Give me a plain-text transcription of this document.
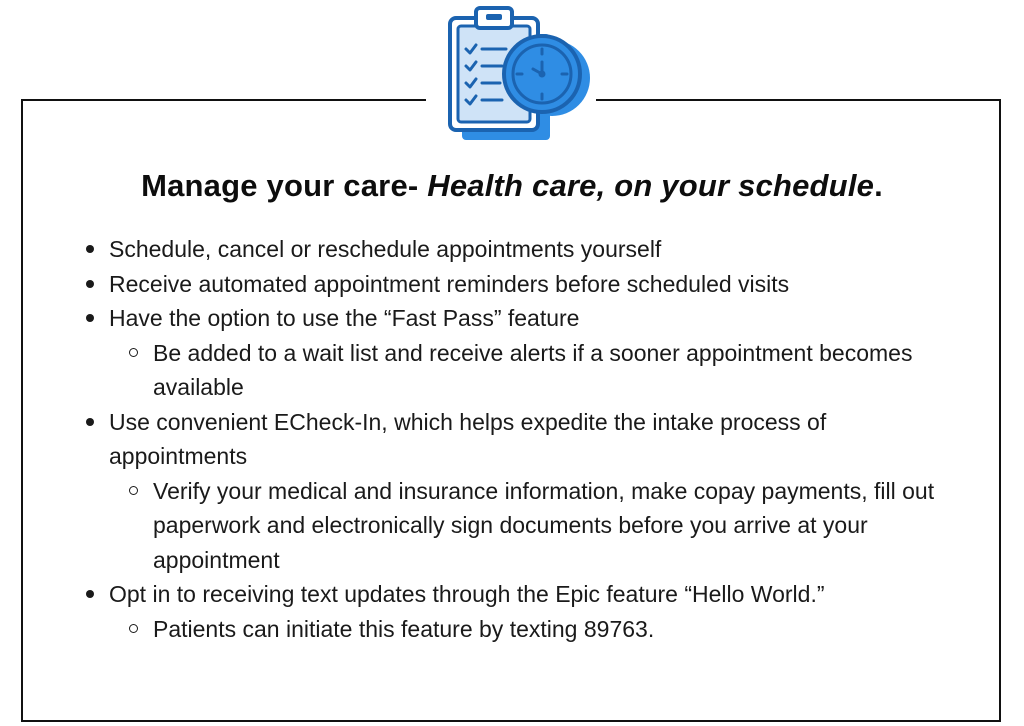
Manage your care- Health care, on your schedule.
Schedule, cancel or reschedule appointments yourself
Receive automated appointment reminders before scheduled visits
Have the option to use the “Fast Pass” feature
Be added to a wait list and receive alerts if a sooner appointment becomes available
Use convenient ECheck-In, which helps expedite the intake process of appointments
Verify your medical and insurance information, make copay payments, fill out paperwork and electronically sign documents before you arrive at your appointment
Opt in to receiving text updates through the Epic feature “Hello World.”
Patients can initiate this feature by texting 89763.
